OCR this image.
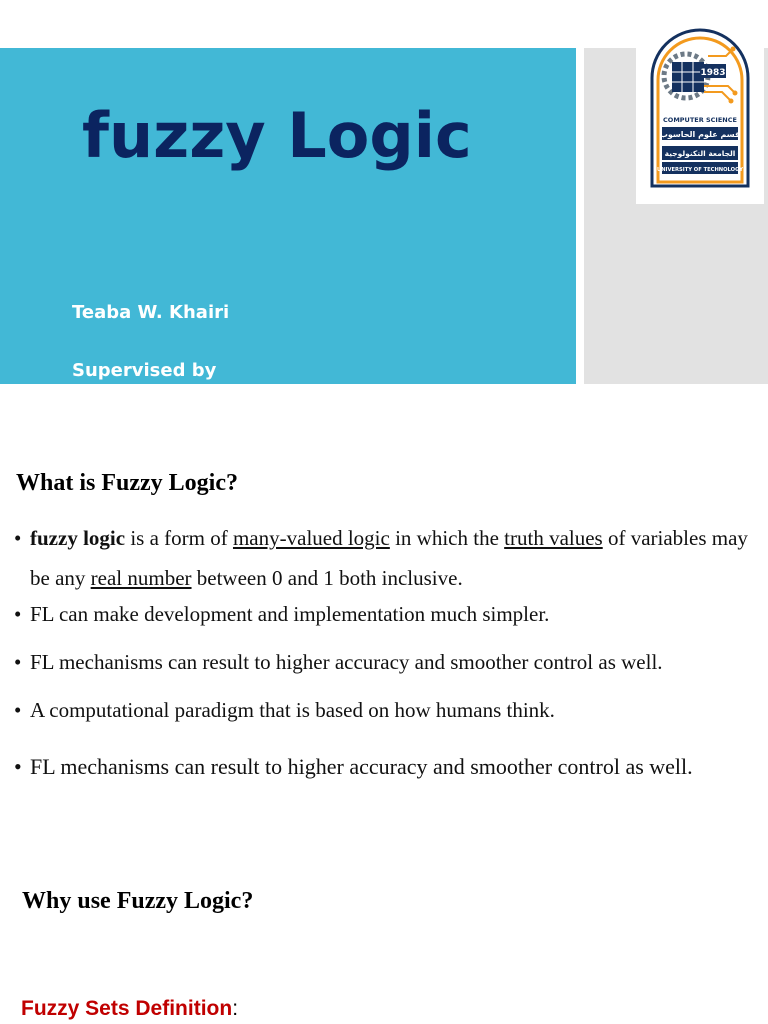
fuzzy Logic
Teaba W. Khairi
Supervised by
Prof. Dr Ahmed Tarik
2024-2025
1983
COMPUTER SCIENCE
قسم علوم الحاسوب
الجامعة التكنولوجية
UNIVERSITY OF TECHNOLOGY
What is Fuzzy Logic?
• fuzzy logic is a form of many-valued logic in which the truth values of variables may be any real number between 0 and 1 both inclusive.
• FL can make development and implementation much simpler.
• FL mechanisms can result to higher accuracy and smoother control as well.
• A computational paradigm that is based on how humans think.
• FL mechanisms can result to higher accuracy and smoother control as well.
Why use Fuzzy Logic?
Fuzzy Sets Definition:
